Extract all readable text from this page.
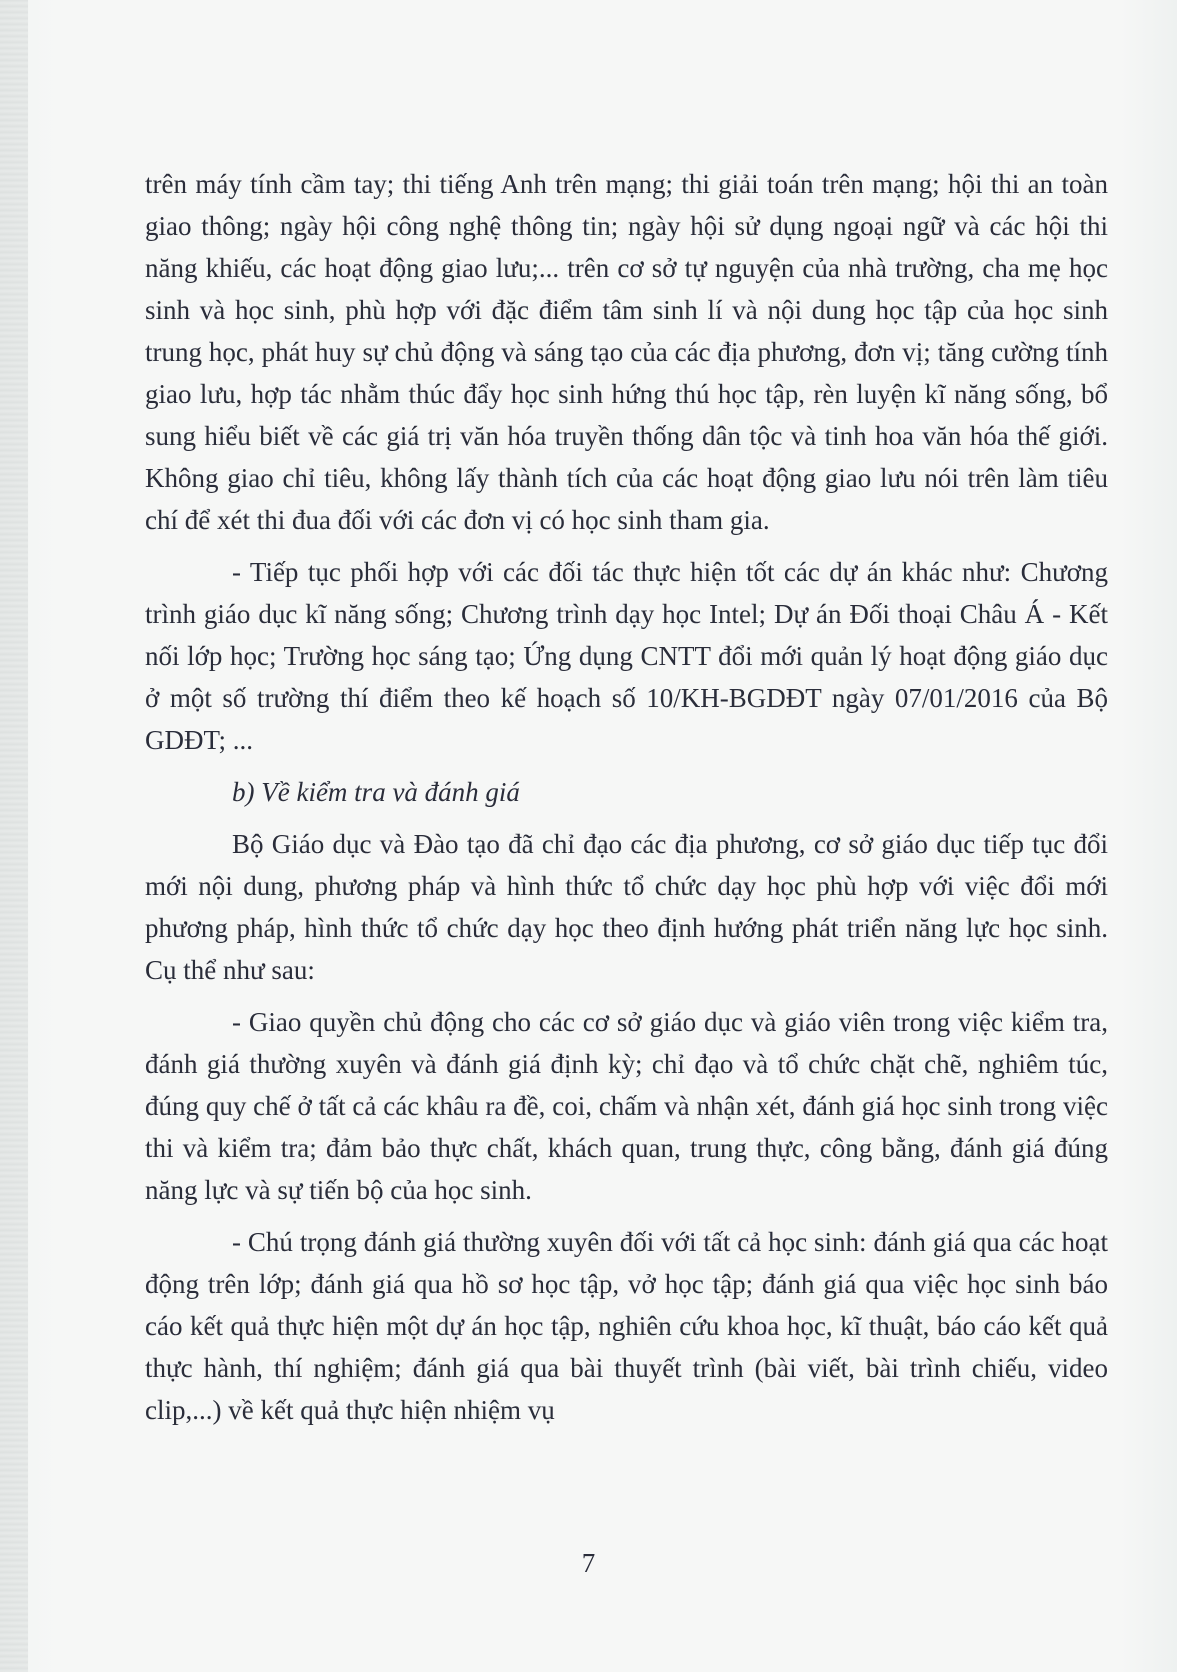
trên máy tính cầm tay; thi tiếng Anh trên mạng; thi giải toán trên mạng; hội thi an toàn giao thông; ngày hội công nghệ thông tin; ngày hội sử dụng ngoại ngữ và các hội thi năng khiếu, các hoạt động giao lưu;... trên cơ sở tự nguyện của nhà trường, cha mẹ học sinh và học sinh, phù hợp với đặc điểm tâm sinh lí và nội dung học tập của học sinh trung học, phát huy sự chủ động và sáng tạo của các địa phương, đơn vị; tăng cường tính giao lưu, hợp tác nhằm thúc đẩy học sinh hứng thú học tập, rèn luyện kĩ năng sống, bổ sung hiểu biết về các giá trị văn hóa truyền thống dân tộc và tinh hoa văn hóa thế giới. Không giao chỉ tiêu, không lấy thành tích của các hoạt động giao lưu nói trên làm tiêu chí để xét thi đua đối với các đơn vị có học sinh tham gia.

- Tiếp tục phối hợp với các đối tác thực hiện tốt các dự án khác như: Chương trình giáo dục kĩ năng sống; Chương trình dạy học Intel; Dự án Đối thoại Châu Á - Kết nối lớp học; Trường học sáng tạo; Ứng dụng CNTT đổi mới quản lý hoạt động giáo dục ở một số trường thí điểm theo kế hoạch số 10/KH-BGDĐT ngày 07/01/2016 của Bộ GDĐT; ...

b) Về kiểm tra và đánh giá

Bộ Giáo dục và Đào tạo đã chỉ đạo các địa phương, cơ sở giáo dục tiếp tục đổi mới nội dung, phương pháp và hình thức tổ chức dạy học phù hợp với việc đổi mới phương pháp, hình thức tổ chức dạy học theo định hướng phát triển năng lực học sinh. Cụ thể như sau:

- Giao quyền chủ động cho các cơ sở giáo dục và giáo viên trong việc kiểm tra, đánh giá thường xuyên và đánh giá định kỳ; chỉ đạo và tổ chức chặt chẽ, nghiêm túc, đúng quy chế ở tất cả các khâu ra đề, coi, chấm và nhận xét, đánh giá học sinh trong việc thi và kiểm tra; đảm bảo thực chất, khách quan, trung thực, công bằng, đánh giá đúng năng lực và sự tiến bộ của học sinh.

- Chú trọng đánh giá thường xuyên đối với tất cả học sinh: đánh giá qua các hoạt động trên lớp; đánh giá qua hồ sơ học tập, vở học tập; đánh giá qua việc học sinh báo cáo kết quả thực hiện một dự án học tập, nghiên cứu khoa học, kĩ thuật, báo cáo kết quả thực hành, thí nghiệm; đánh giá qua bài thuyết trình (bài viết, bài trình chiếu, video clip,...) về kết quả thực hiện nhiệm vụ

7
